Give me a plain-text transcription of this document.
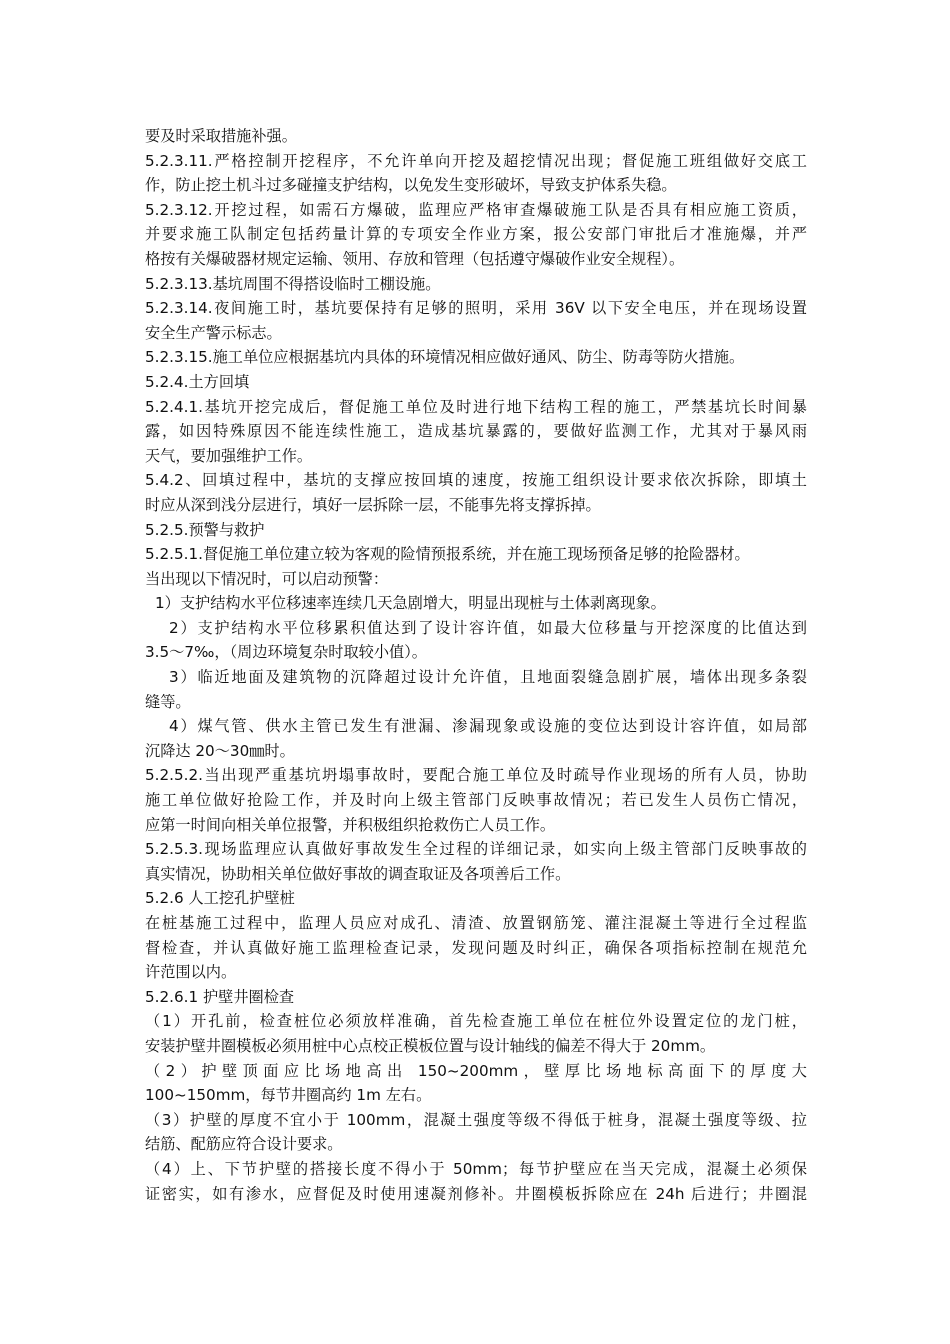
要及时采取措施补强。
5.2.3.11.严格控制开挖程序，不允许单向开挖及超挖情况出现；督促施工班组做好交底工
作，防止挖土机斗过多碰撞支护结构，以免发生变形破坏，导致支护体系失稳。
5.2.3.12.开挖过程，如需石方爆破，监理应严格审查爆破施工队是否具有相应施工资质，
并要求施工队制定包括药量计算的专项安全作业方案，报公安部门审批后才准施爆，并严
格按有关爆破器材规定运输、领用、存放和管理（包括遵守爆破作业安全规程）。
5.2.3.13.基坑周围不得搭设临时工棚设施。
5.2.3.14.夜间施工时，基坑要保持有足够的照明，采用 36V 以下安全电压，并在现场设置
安全生产警示标志。
5.2.3.15.施工单位应根据基坑内具体的环境情况相应做好通风、防尘、防毒等防火措施。
5.2.4.土方回填
5.2.4.1.基坑开挖完成后，督促施工单位及时进行地下结构工程的施工，严禁基坑长时间暴
露，如因特殊原因不能连续性施工，造成基坑暴露的，要做好监测工作，尤其对于暴风雨
天气，要加强维护工作。
5.4.2、回填过程中，基坑的支撑应按回填的速度，按施工组织设计要求依次拆除，即填土
时应从深到浅分层进行，填好一层拆除一层，不能事先将支撑拆掉。
5.2.5.预警与救护
5.2.5.1.督促施工单位建立较为客观的险情预报系统，并在施工现场预备足够的抢险器材。
当出现以下情况时，可以启动预警：
1）支护结构水平位移速率连续几天急剧增大，明显出现桩与土体剥离现象。
2）支护结构水平位移累积值达到了设计容许值，如最大位移量与开挖深度的比值达到
3.5～7‰，（周边环境复杂时取较小值）。
3）临近地面及建筑物的沉降超过设计允许值，且地面裂缝急剧扩展，墙体出现多条裂
缝等。
4）煤气管、供水主管已发生有泄漏、渗漏现象或设施的变位达到设计容许值，如局部
沉降达 20～30㎜时。
5.2.5.2.当出现严重基坑坍塌事故时，要配合施工单位及时疏导作业现场的所有人员，协助
施工单位做好抢险工作，并及时向上级主管部门反映事故情况；若已发生人员伤亡情况，
应第一时间向相关单位报警，并积极组织抢救伤亡人员工作。
5.2.5.3.现场监理应认真做好事故发生全过程的详细记录，如实向上级主管部门反映事故的
真实情况，协助相关单位做好事故的调查取证及各项善后工作。
5.2.6 人工挖孔护壁桩
在桩基施工过程中，监理人员应对成孔、清渣、放置钢筋笼、灌注混凝土等进行全过程监
督检查，并认真做好施工监理检查记录，发现问题及时纠正，确保各项指标控制在规范允
许范围以内。
5.2.6.1 护壁井圈检查
（1）开孔前，检查桩位必须放样准确，首先检查施工单位在桩位外设置定位的龙门桩，
安装护壁井圈模板必须用桩中心点校正模板位置与设计轴线的偏差不得大于 20mm。
（2）护壁顶面应比场地高出 150~200mm，壁厚比场地标高面下的厚度大
100~150mm，每节井圈高约 1m 左右。
（3）护壁的厚度不宜小于 100mm，混凝土强度等级不得低于桩身，混凝土强度等级、拉
结筋、配筋应符合设计要求。
（4）上、下节护壁的搭接长度不得小于 50mm；每节护壁应在当天完成，混凝土必须保
证密实，如有渗水，应督促及时使用速凝剂修补。井圈模板拆除应在 24h 后进行；井圈混
